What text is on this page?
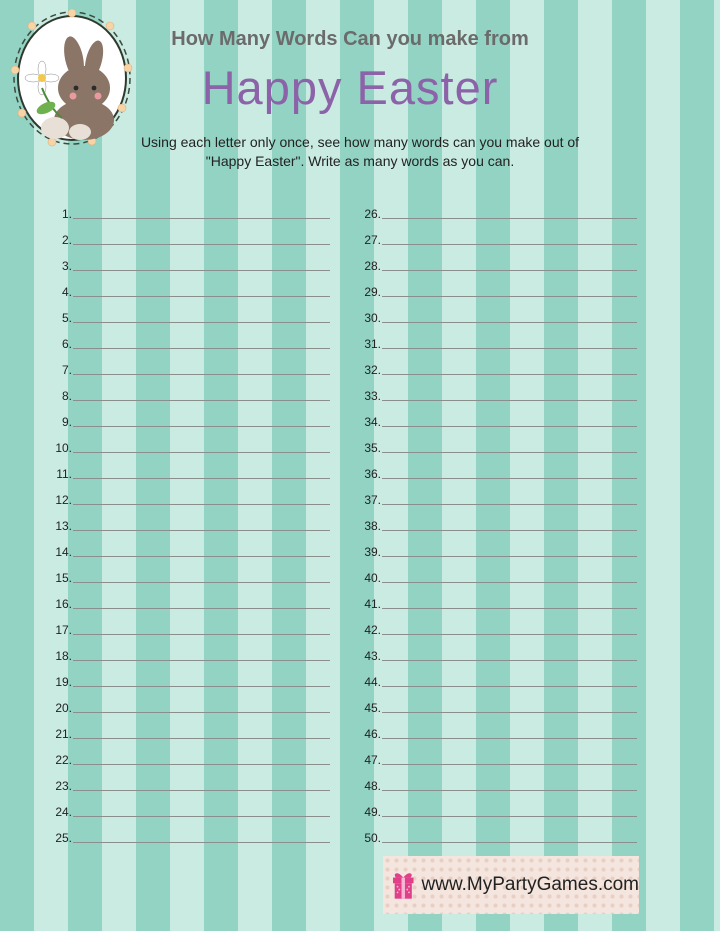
How Many Words Can you make from
Happy Easter
Using each letter only once, see how many words can you make out of
"Happy Easter". Write as many words as you can.
1.
2.
3.
4.
5.
6.
7.
8.
9.
10.
11.
12.
13.
14.
15.
16.
17.
18.
19.
20.
21.
22.
23.
24.
25.
26.
27.
28.
29.
30.
31.
32.
33.
34.
35.
36.
37.
38.
39.
40.
41.
42.
43.
44.
45.
46.
47.
48.
49.
50.
www.MyPartyGames.com
